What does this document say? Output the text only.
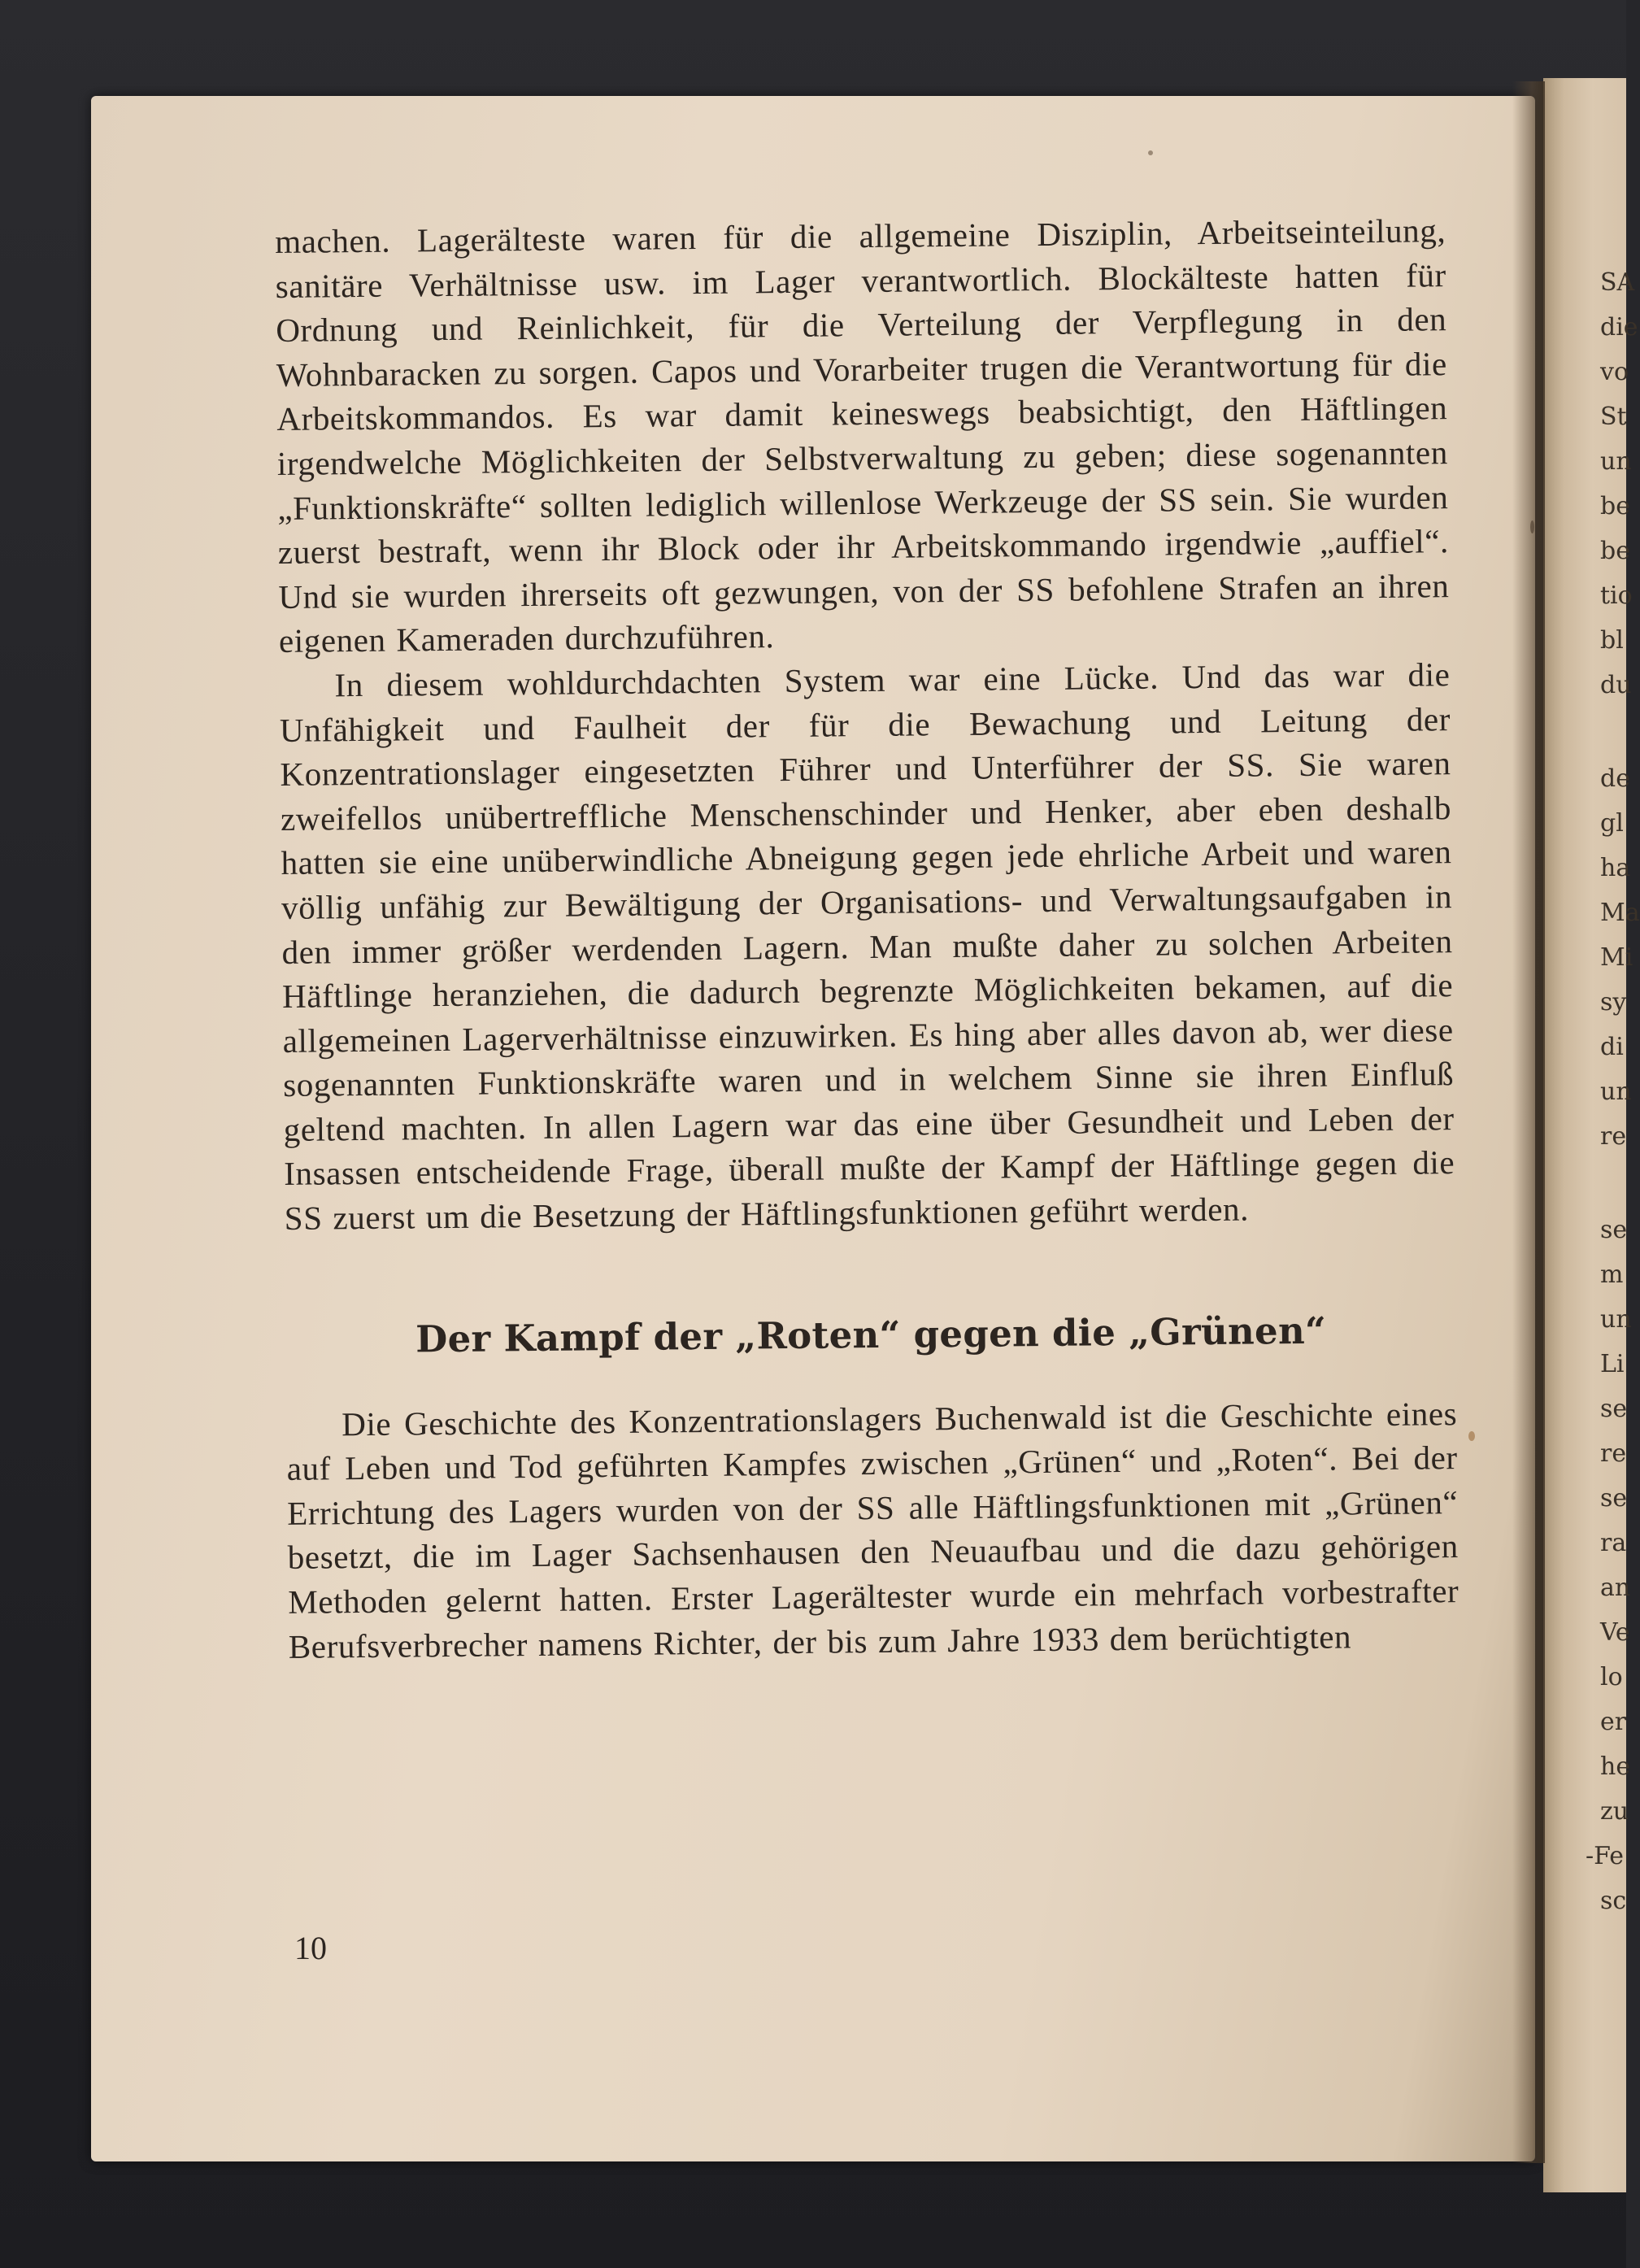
SA
die
vo
St
un
be
be
tio
bl
du
de
gl
ha
Ma
Mi
sy
di
un
re
se
m
un
Li
se
re
se
ra
an
Ve
lo
er
he
zu
-Fe
sc

machen. Lagerälteste waren für die allgemeine Disziplin, Arbeitseinteilung, sanitäre Verhältnisse usw. im Lager verantwortlich. Blockälteste hatten für Ordnung und Reinlichkeit, für die Verteilung der Verpflegung in den Wohnbaracken zu sorgen. Capos und Vorarbeiter trugen die Verantwortung für die Arbeitskommandos. Es war damit keineswegs beabsichtigt, den Häftlingen irgendwelche Möglichkeiten der Selbstverwaltung zu geben; diese sogenannten „Funktionskräfte“ sollten lediglich willenlose Werkzeuge der SS sein. Sie wurden zuerst bestraft, wenn ihr Block oder ihr Arbeitskommando irgendwie „auffiel“. Und sie wurden ihrerseits oft gezwungen, von der SS befohlene Strafen an ihren eigenen Kameraden durchzuführen.

In diesem wohldurchdachten System war eine Lücke. Und das war die Unfähigkeit und Faulheit der für die Bewachung und Leitung der Konzentrationslager eingesetzten Führer und Unterführer der SS. Sie waren zweifellos unübertreffliche Menschenschinder und Henker, aber eben deshalb hatten sie eine unüberwindliche Abneigung gegen jede ehrliche Arbeit und waren völlig unfähig zur Bewältigung der Organisations- und Verwaltungsaufgaben in den immer größer werdenden Lagern. Man mußte daher zu solchen Arbeiten Häftlinge heranziehen, die dadurch begrenzte Möglichkeiten bekamen, auf die allgemeinen Lagerverhältnisse einzuwirken. Es hing aber alles davon ab, wer diese sogenannten Funktionskräfte waren und in welchem Sinne sie ihren Einfluß geltend machten. In allen Lagern war das eine über Gesundheit und Leben der Insassen entscheidende Frage, überall mußte der Kampf der Häftlinge gegen die SS zuerst um die Besetzung der Häftlingsfunktionen geführt werden.

Der Kampf der „Roten“ gegen die „Grünen“

Die Geschichte des Konzentrationslagers Buchenwald ist die Geschichte eines auf Leben und Tod geführten Kampfes zwischen „Grünen“ und „Roten“. Bei der Errichtung des Lagers wurden von der SS alle Häftlingsfunktionen mit „Grünen“ besetzt, die im Lager Sachsenhausen den Neuaufbau und die dazu gehörigen Methoden gelernt hatten. Erster Lagerältester wurde ein mehrfach vorbestrafter Berufsverbrecher namens Richter, der bis zum Jahre 1933 dem berüchtigten

10
